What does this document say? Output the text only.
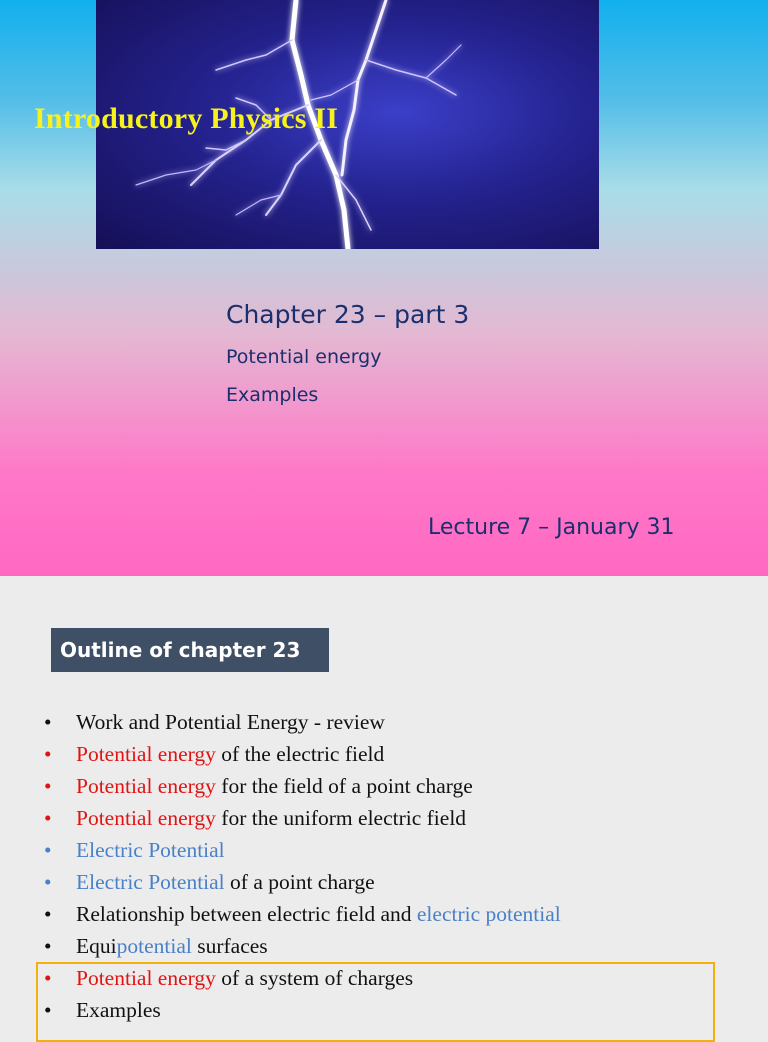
Introductory Physics II
Chapter 23 – part 3
Potential energy
Examples
Lecture 7 – January 31
Outline of chapter 23
• Work and Potential Energy - review
• Potential energy of the electric field
• Potential energy for the field of a point charge
• Potential energy for the uniform electric field
• Electric Potential
• Electric Potential of a point charge
• Relationship between electric field and electric potential
• Equipotential surfaces
• Potential energy of a system of charges
• Examples
